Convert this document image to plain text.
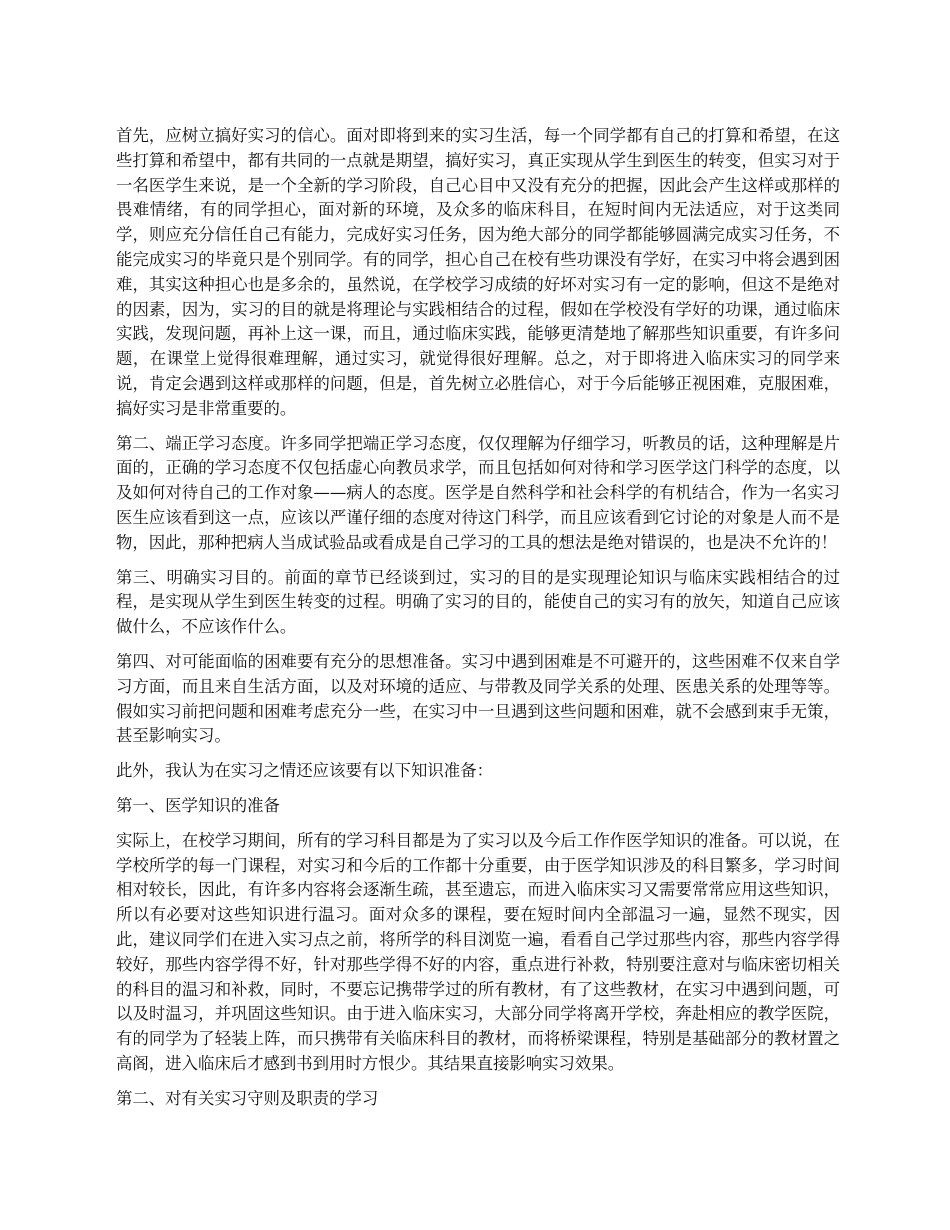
首先，应树立搞好实习的信心。面对即将到来的实习生活，每一个同学都有自己的打算和希望，在这些打算和希望中，都有共同的一点就是期望，搞好实习，真正实现从学生到医生的转变，但实习对于一名医学生来说，是一个全新的学习阶段，自己心目中又没有充分的把握，因此会产生这样或那样的畏难情绪，有的同学担心，面对新的环境，及众多的临床科目，在短时间内无法适应，对于这类同学，则应充分信任自己有能力，完成好实习任务，因为绝大部分的同学都能够圆满完成实习任务，不能完成实习的毕竟只是个别同学。有的同学，担心自己在校有些功课没有学好，在实习中将会遇到困难，其实这种担心也是多余的，虽然说，在学校学习成绩的好坏对实习有一定的影响，但这不是绝对的因素，因为，实习的目的就是将理论与实践相结合的过程，假如在学校没有学好的功课，通过临床实践，发现问题，再补上这一课，而且，通过临床实践，能够更清楚地了解那些知识重要，有许多问题，在课堂上觉得很难理解，通过实习，就觉得很好理解。总之，对于即将进入临床实习的同学来说，肯定会遇到这样或那样的问题，但是，首先树立必胜信心，对于今后能够正视困难，克服困难，搞好实习是非常重要的。

第二、端正学习态度。许多同学把端正学习态度，仅仅理解为仔细学习，听教员的话，这种理解是片面的，正确的学习态度不仅包括虚心向教员求学，而且包括如何对待和学习医学这门科学的态度，以及如何对待自己的工作对象——病人的态度。医学是自然科学和社会科学的有机结合，作为一名实习医生应该看到这一点，应该以严谨仔细的态度对待这门科学，而且应该看到它讨论的对象是人而不是物，因此，那种把病人当成试验品或看成是自己学习的工具的想法是绝对错误的，也是决不允许的！

第三、明确实习目的。前面的章节已经谈到过，实习的目的是实现理论知识与临床实践相结合的过程，是实现从学生到医生转变的过程。明确了实习的目的，能使自己的实习有的放矢，知道自己应该做什么，不应该作什么。

第四、对可能面临的困难要有充分的思想准备。实习中遇到困难是不可避开的，这些困难不仅来自学习方面，而且来自生活方面，以及对环境的适应、与带教及同学关系的处理、医患关系的处理等等。假如实习前把问题和困难考虑充分一些，在实习中一旦遇到这些问题和困难，就不会感到束手无策，甚至影响实习。

此外，我认为在实习之情还应该要有以下知识准备：

第一、医学知识的准备

实际上，在校学习期间，所有的学习科目都是为了实习以及今后工作作医学知识的准备。可以说，在学校所学的每一门课程，对实习和今后的工作都十分重要，由于医学知识涉及的科目繁多，学习时间相对较长，因此，有许多内容将会逐渐生疏，甚至遗忘，而进入临床实习又需要常常应用这些知识，所以有必要对这些知识进行温习。面对众多的课程，要在短时间内全部温习一遍，显然不现实，因此，建议同学们在进入实习点之前，将所学的科目浏览一遍，看看自己学过那些内容，那些内容学得较好，那些内容学得不好，针对那些学得不好的内容，重点进行补救，特别要注意对与临床密切相关的科目的温习和补救，同时，不要忘记携带学过的所有教材，有了这些教材，在实习中遇到问题，可以及时温习，并巩固这些知识。由于进入临床实习，大部分同学将离开学校，奔赴相应的教学医院，有的同学为了轻装上阵，而只携带有关临床科目的教材，而将桥梁课程，特别是基础部分的教材置之高阁，进入临床后才感到书到用时方恨少。其结果直接影响实习效果。

第二、对有关实习守则及职责的学习
